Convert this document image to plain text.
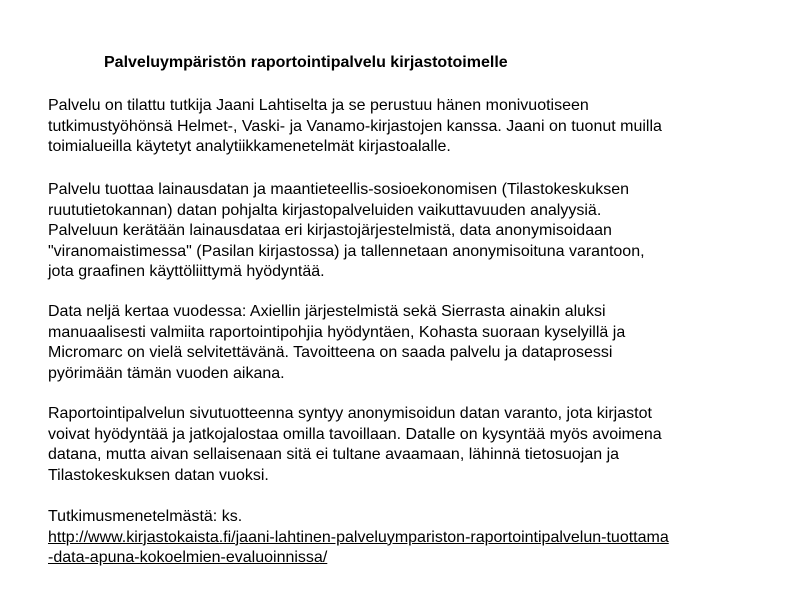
Palveluympäristön raportointipalvelu kirjastotoimelle

Palvelu on tilattu tutkija Jaani Lahtiselta ja se perustuu hänen monivuotiseen
tutkimustyöhönsä Helmet-, Vaski- ja Vanamo-kirjastojen kanssa. Jaani on tuonut muilla
toimialueilla käytetyt analytiikkamenetelmät kirjastoalalle.

Palvelu tuottaa lainausdatan ja maantieteellis-sosioekonomisen (Tilastokeskuksen
ruututietokannan) datan pohjalta kirjastopalveluiden vaikuttavuuden analyysiä.
Palveluun kerätään lainausdataa eri kirjastojärjestelmistä, data anonymisoidaan
"viranomaistimessa" (Pasilan kirjastossa) ja tallennetaan anonymisoituna varantoon,
jota graafinen käyttöliittymä hyödyntää.

Data neljä kertaa vuodessa: Axiellin järjestelmistä sekä Sierrasta ainakin aluksi
manuaalisesti valmiita raportointipohjia hyödyntäen, Kohasta suoraan kyselyillä ja
Micromarc on vielä selvitettävänä. Tavoitteena on saada palvelu ja dataprosessi
pyörimään tämän vuoden aikana.

Raportointipalvelun sivutuotteenna syntyy anonymisoidun datan varanto, jota kirjastot
voivat hyödyntää ja jatkojalostaa omilla tavoillaan. Datalle on kysyntää myös avoimena
datana, mutta aivan sellaisenaan sitä ei tultane avaamaan, lähinnä tietosuojan ja
Tilastokeskuksen datan vuoksi.

Tutkimusmenetelmästä: ks.
http://www.kirjastokaista.fi/jaani-lahtinen-palveluympariston-raportointipalvelun-tuottama
-data-apuna-kokoelmien-evaluoinnissa/
